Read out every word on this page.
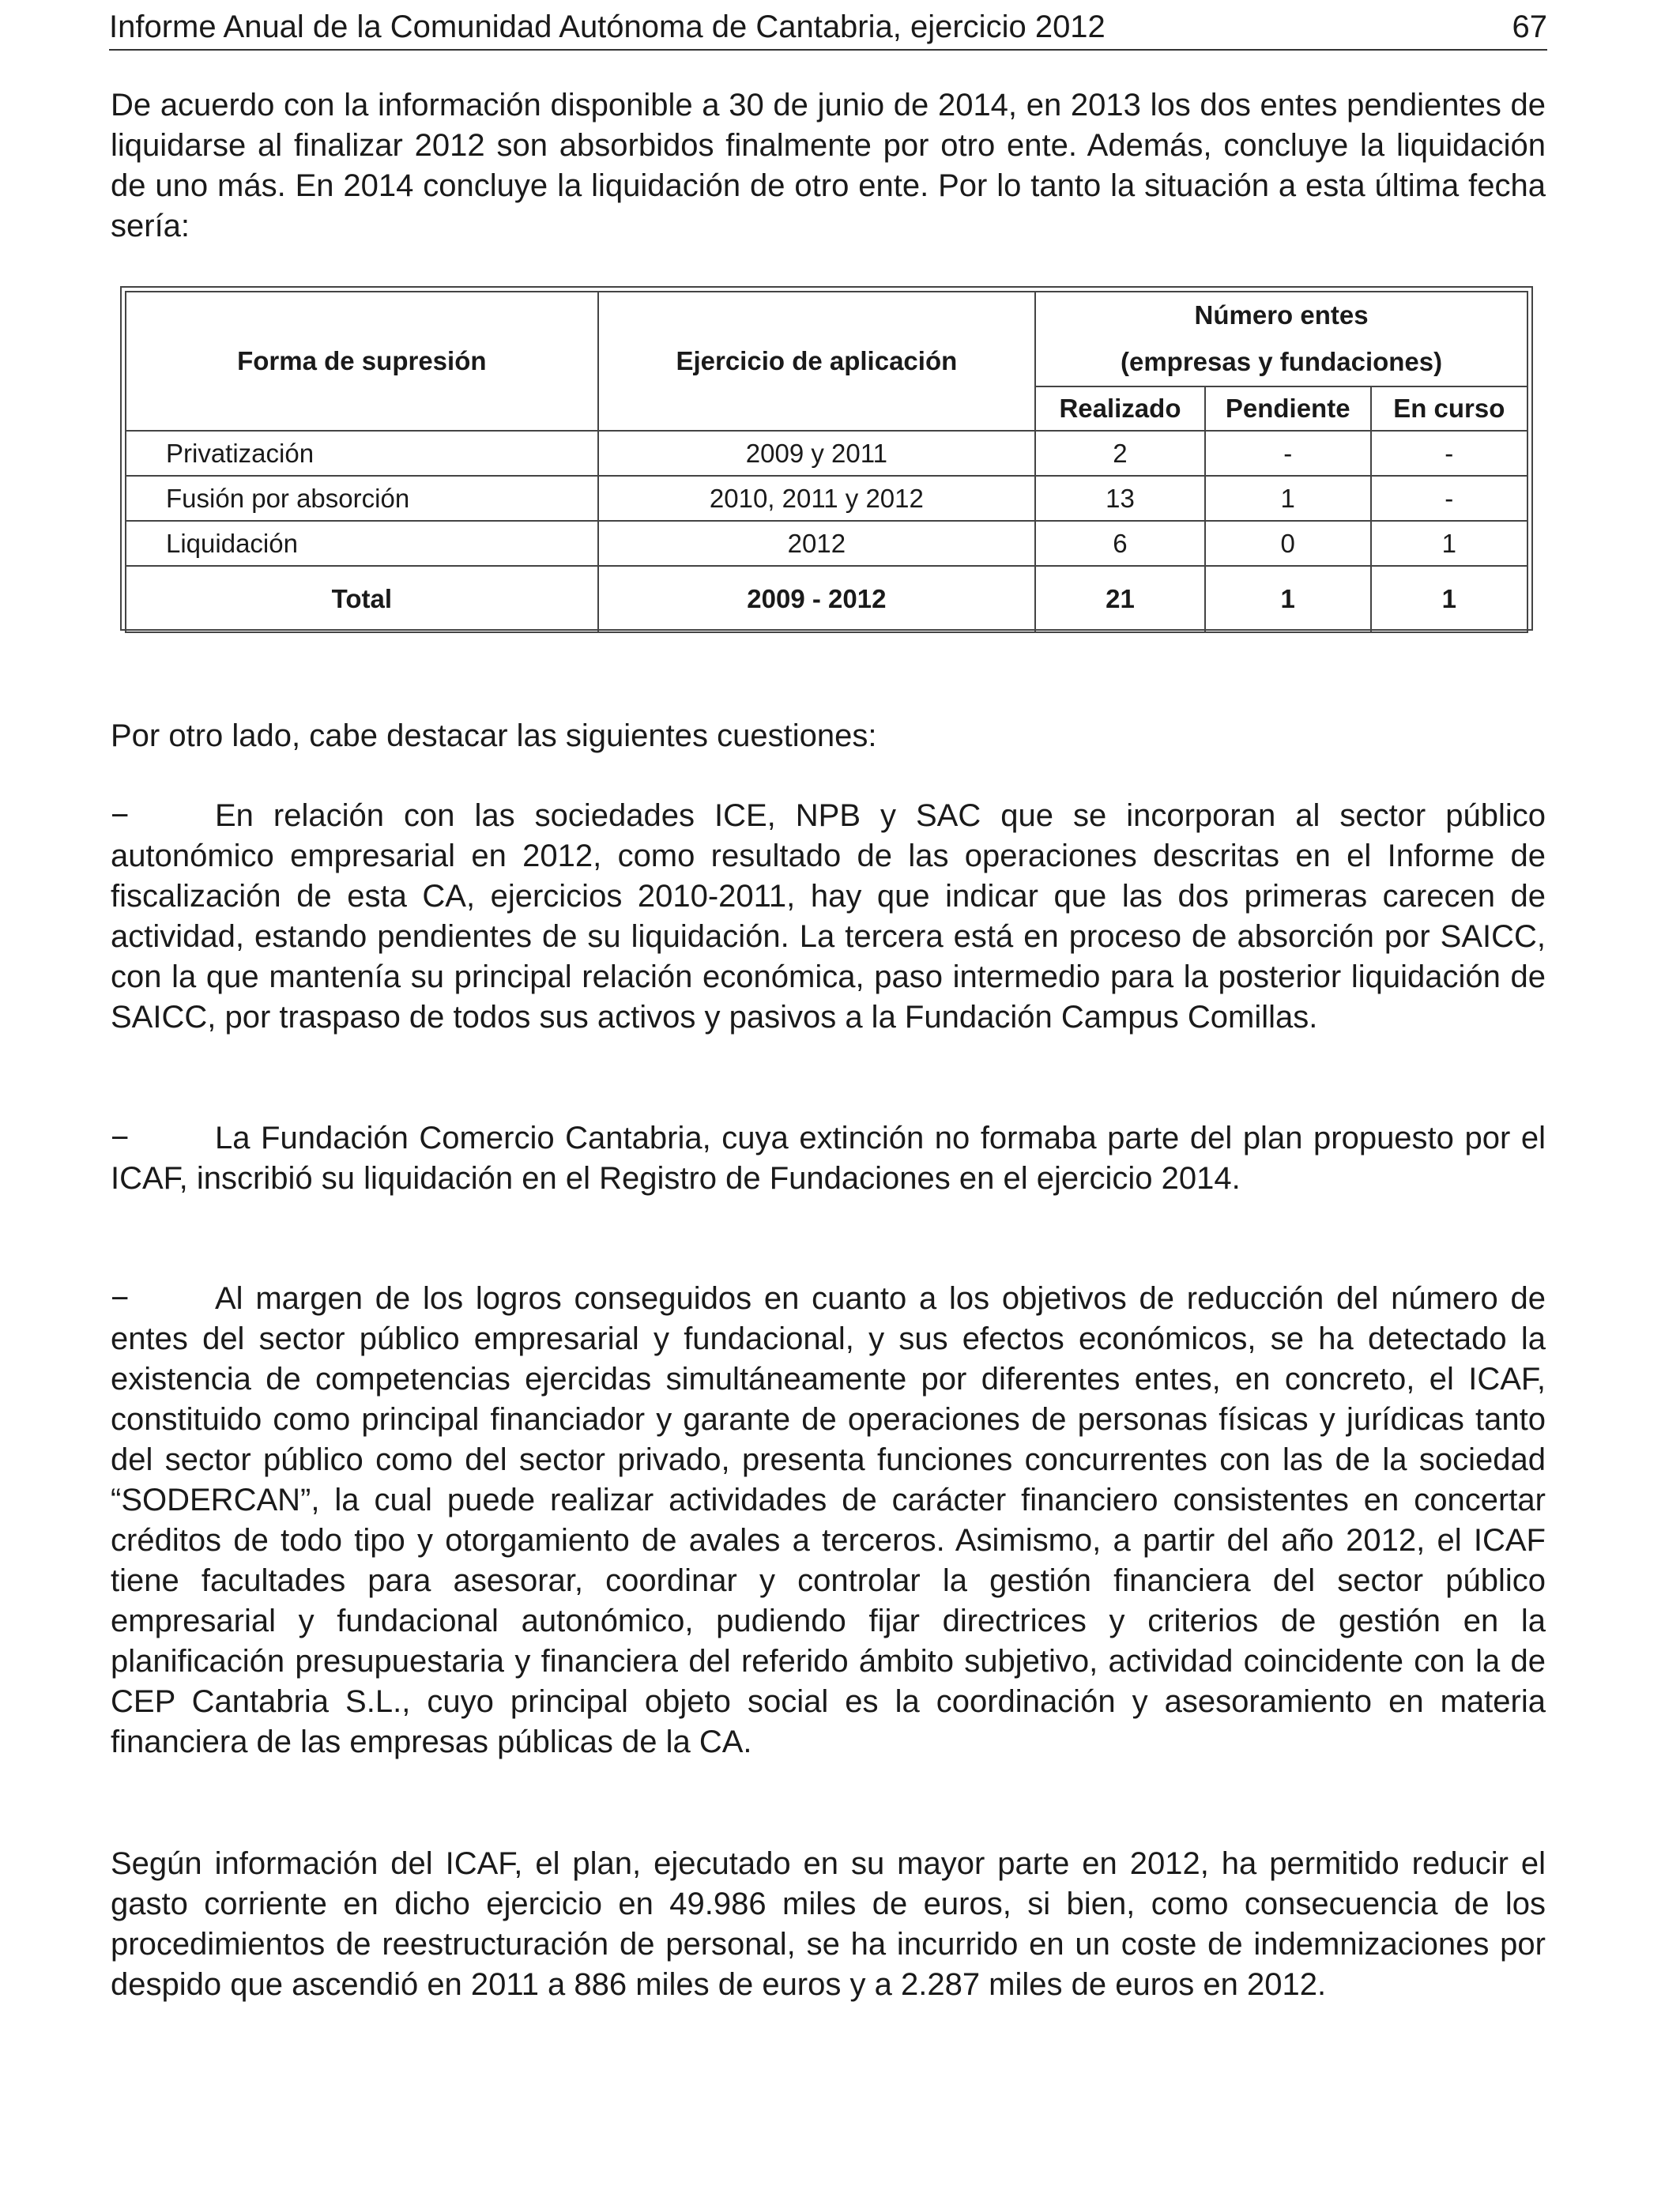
Informe Anual de la Comunidad Autónoma de Cantabria, ejercicio 2012	67

De acuerdo con la información disponible a 30 de junio de 2014, en 2013 los dos entes pendientes de liquidarse al finalizar 2012 son absorbidos finalmente por otro ente. Además, concluye la liquidación de uno más. En 2014 concluye la liquidación de otro ente. Por lo tanto la situación a esta última fecha sería:

Forma de supresión	Ejercicio de aplicación	Número entes		
		(empresas y fundaciones)		
		Realizado	Pendiente	En curso
Privatización	2009 y 2011	2	-	-
Fusión por absorción	2010, 2011 y 2012	13	1	-
Liquidación	2012	6	0	1
Total	2009 - 2012	21	1	1

Por otro lado, cabe destacar las siguientes cuestiones:

−	En relación con las sociedades ICE, NPB y SAC que se incorporan al sector público autonómico empresarial en 2012, como resultado de las operaciones descritas en el Informe de fiscalización de esta CA, ejercicios 2010-2011, hay que indicar que las dos primeras carecen de actividad, estando pendientes de su liquidación. La tercera está en proceso de absorción por SAICC, con la que mantenía su principal relación económica, paso intermedio para la posterior liquidación de SAICC, por traspaso de todos sus activos y pasivos a la Fundación Campus Comillas.

−	La Fundación Comercio Cantabria, cuya extinción no formaba parte del plan propuesto por el ICAF, inscribió su liquidación en el Registro de Fundaciones en el ejercicio 2014.

−	Al margen de los logros conseguidos en cuanto a los objetivos de reducción del número de entes del sector público empresarial y fundacional, y sus efectos económicos, se ha detectado la existencia de competencias ejercidas simultáneamente por diferentes entes, en concreto, el ICAF, constituido como principal financiador y garante de operaciones de personas físicas y jurídicas tanto del sector público como del sector privado, presenta funciones concurrentes con las de la sociedad “SODERCAN”, la cual puede realizar actividades de carácter financiero consistentes en concertar créditos de todo tipo y otorgamiento de avales a terceros. Asimismo, a partir del año 2012, el ICAF tiene facultades para asesorar, coordinar y controlar la gestión financiera del sector público empresarial y fundacional autonómico, pudiendo fijar directrices y criterios de gestión en la planificación presupuestaria y financiera del referido ámbito subjetivo, actividad coincidente con la de CEP Cantabria S.L., cuyo principal objeto social es la coordinación y asesoramiento en materia financiera de las empresas públicas de la CA.

Según información del ICAF, el plan, ejecutado en su mayor parte en 2012, ha permitido reducir el gasto corriente en dicho ejercicio en 49.986 miles de euros, si bien, como consecuencia de los procedimientos de reestructuración de personal, se ha incurrido en un coste de indemnizaciones por despido que ascendió en 2011 a 886 miles de euros y a 2.287 miles de euros en 2012.
